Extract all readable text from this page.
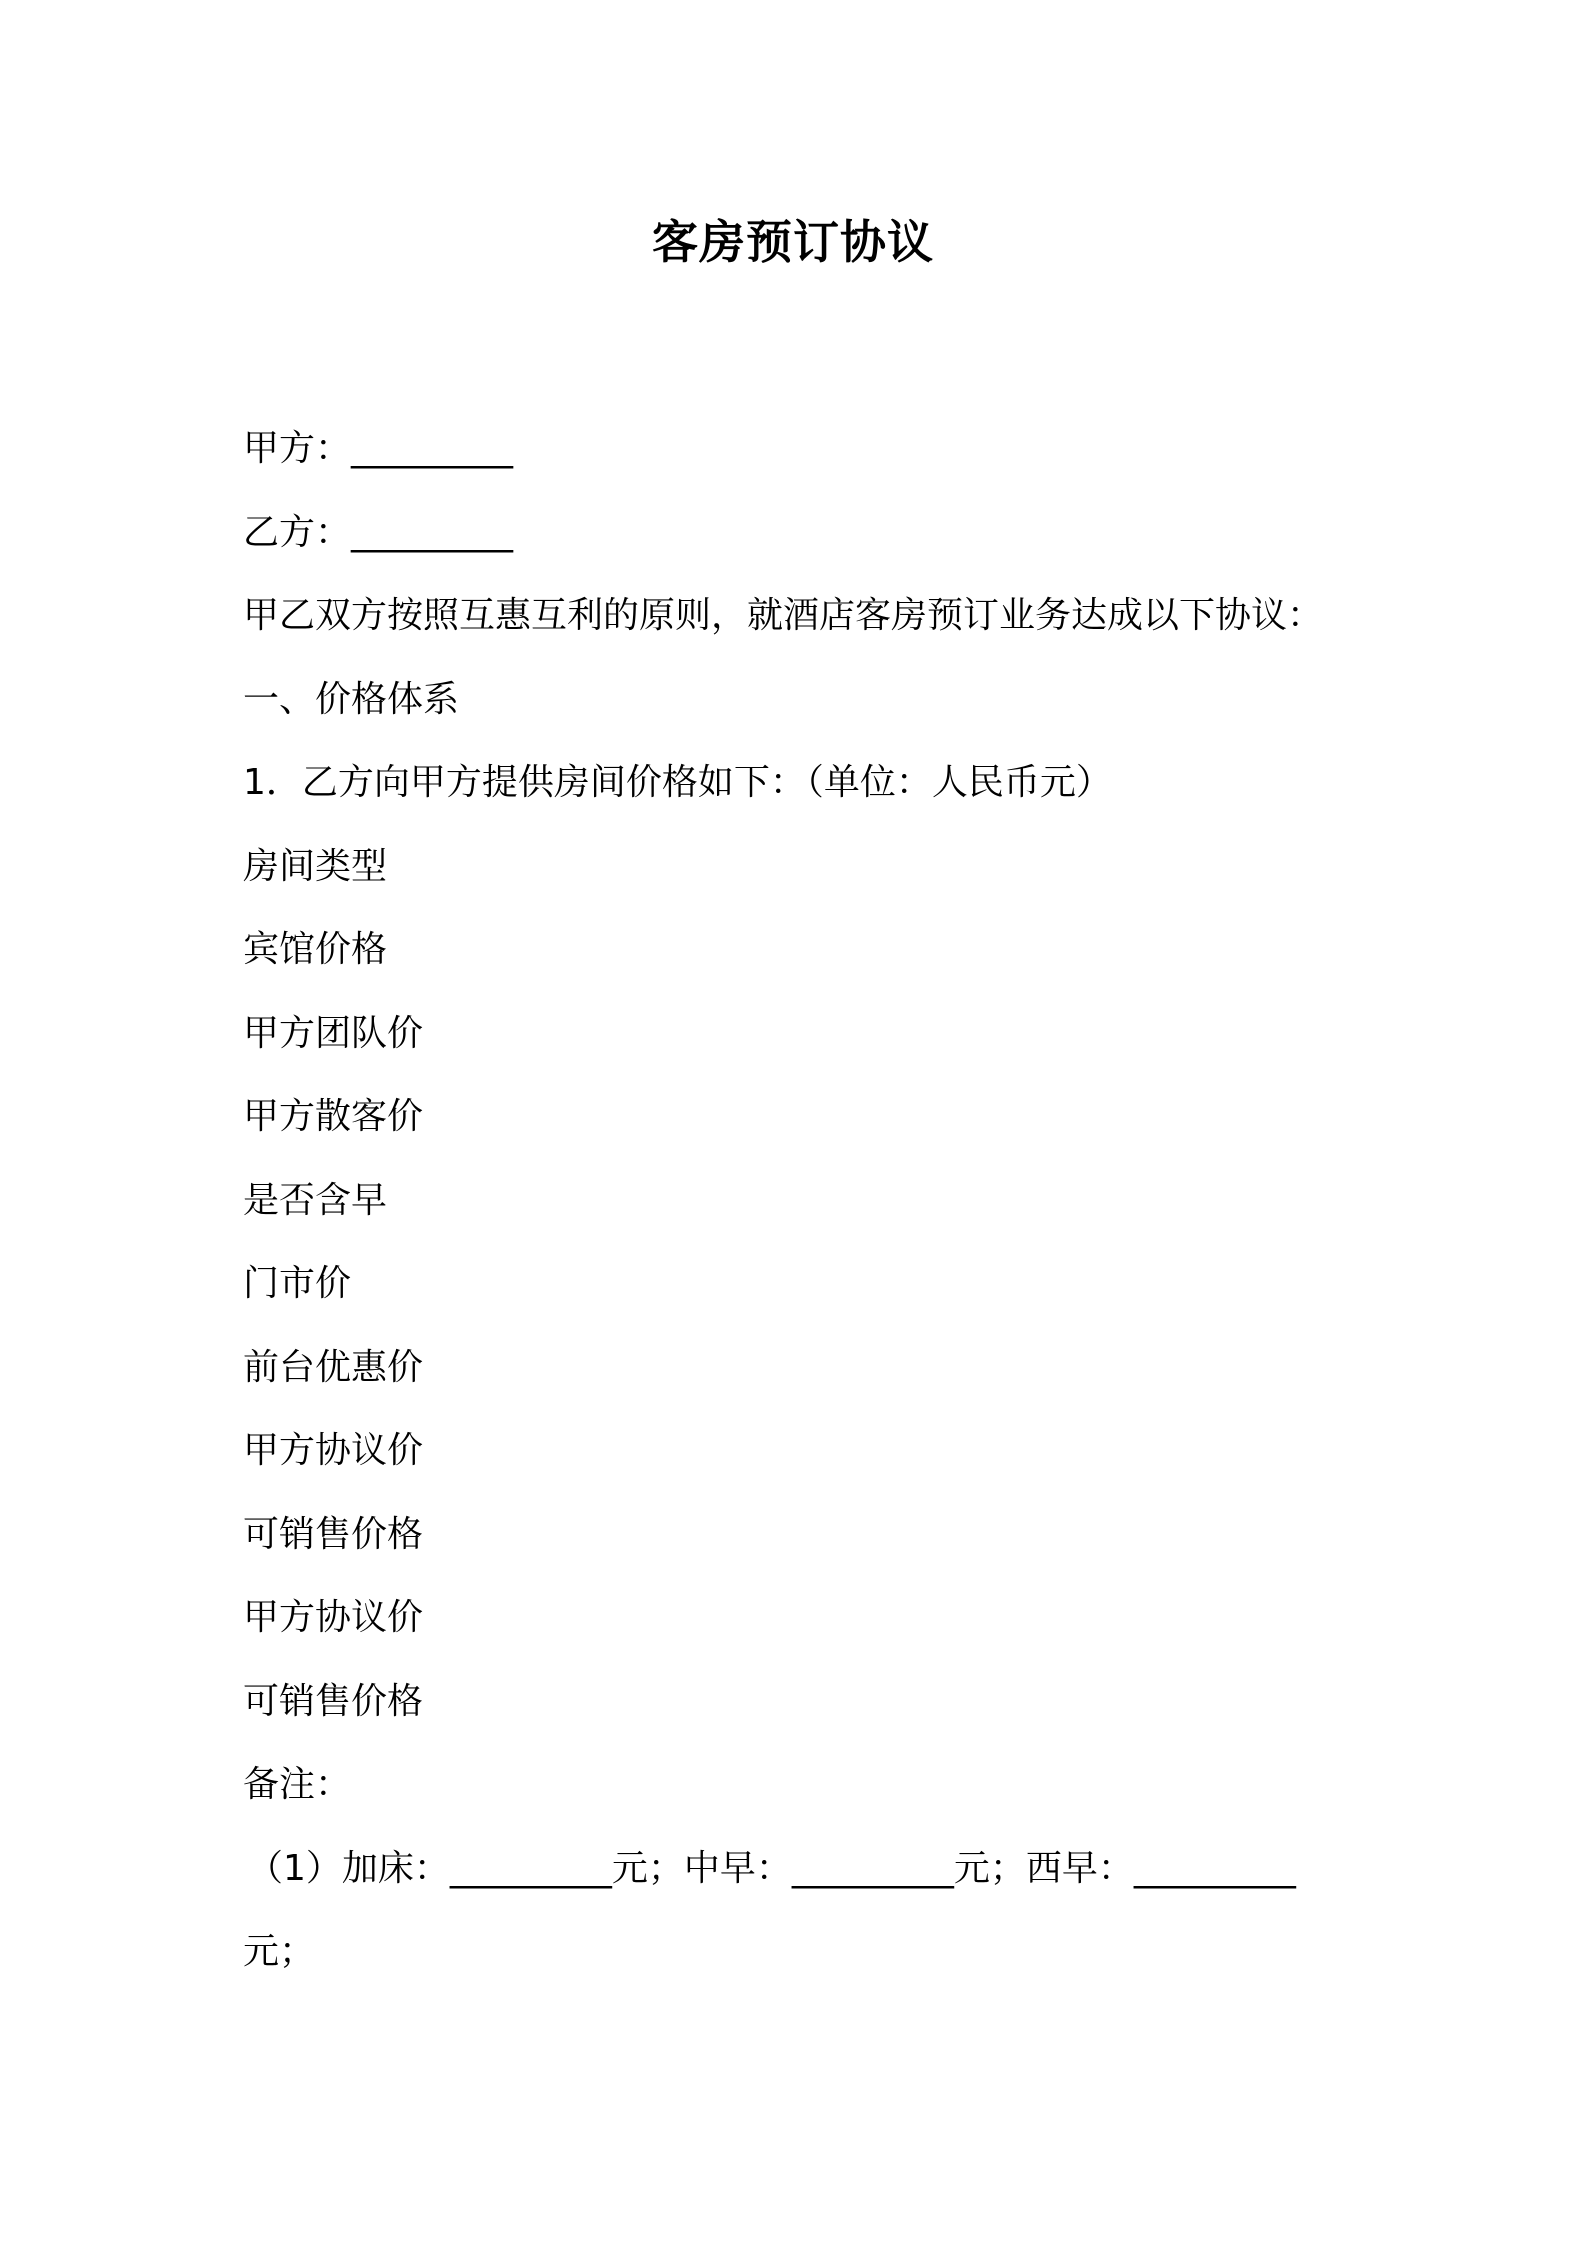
客房预订协议
甲方：_________
乙方：_________
甲乙双方按照互惠互利的原则，就酒店客房预订业务达成以下协议：
一、价格体系
1．乙方向甲方提供房间价格如下：（单位：人民币元）
房间类型
宾馆价格
甲方团队价
甲方散客价
是否含早
门市价
前台优惠价
甲方协议价
可销售价格
甲方协议价
可销售价格
备注：
（1）加床：_________元；中早：_________元；西早：_________
元；
